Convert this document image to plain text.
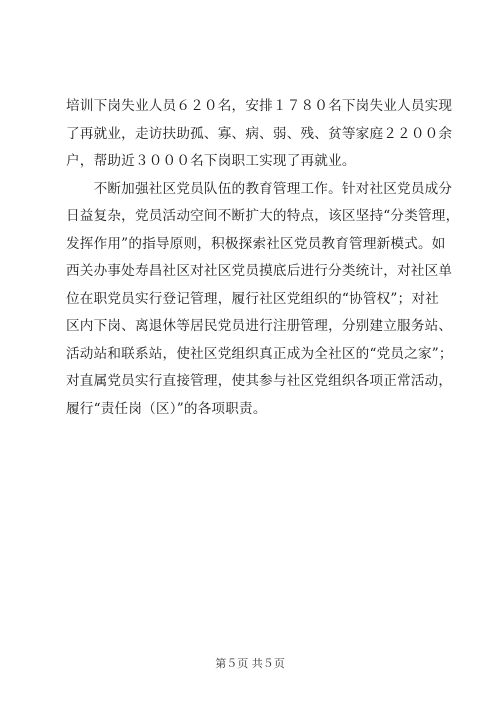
培训下岗失业人员６２０名，安排１７８０名下岗失业人员实现
了再就业，走访扶助孤、寡、病、弱、残、贫等家庭２２００余
户，帮助近３０００名下岗职工实现了再就业。

　　不断加强社区党员队伍的教育管理工作。针对社区党员成分
日益复杂，党员活动空间不断扩大的特点，该区坚持“分类管理，
发挥作用”的指导原则，积极探索社区党员教育管理新模式。如
西关办事处寿昌社区对社区党员摸底后进行分类统计，对社区单
位在职党员实行登记管理，履行社区党组织的“协管权”；对社
区内下岗、离退休等居民党员进行注册管理，分别建立服务站、
活动站和联系站，使社区党组织真正成为全社区的“党员之家”；
对直属党员实行直接管理，使其参与社区党组织各项正常活动，
履行“责任岗（区）”的各项职责。

第５页 共５页
